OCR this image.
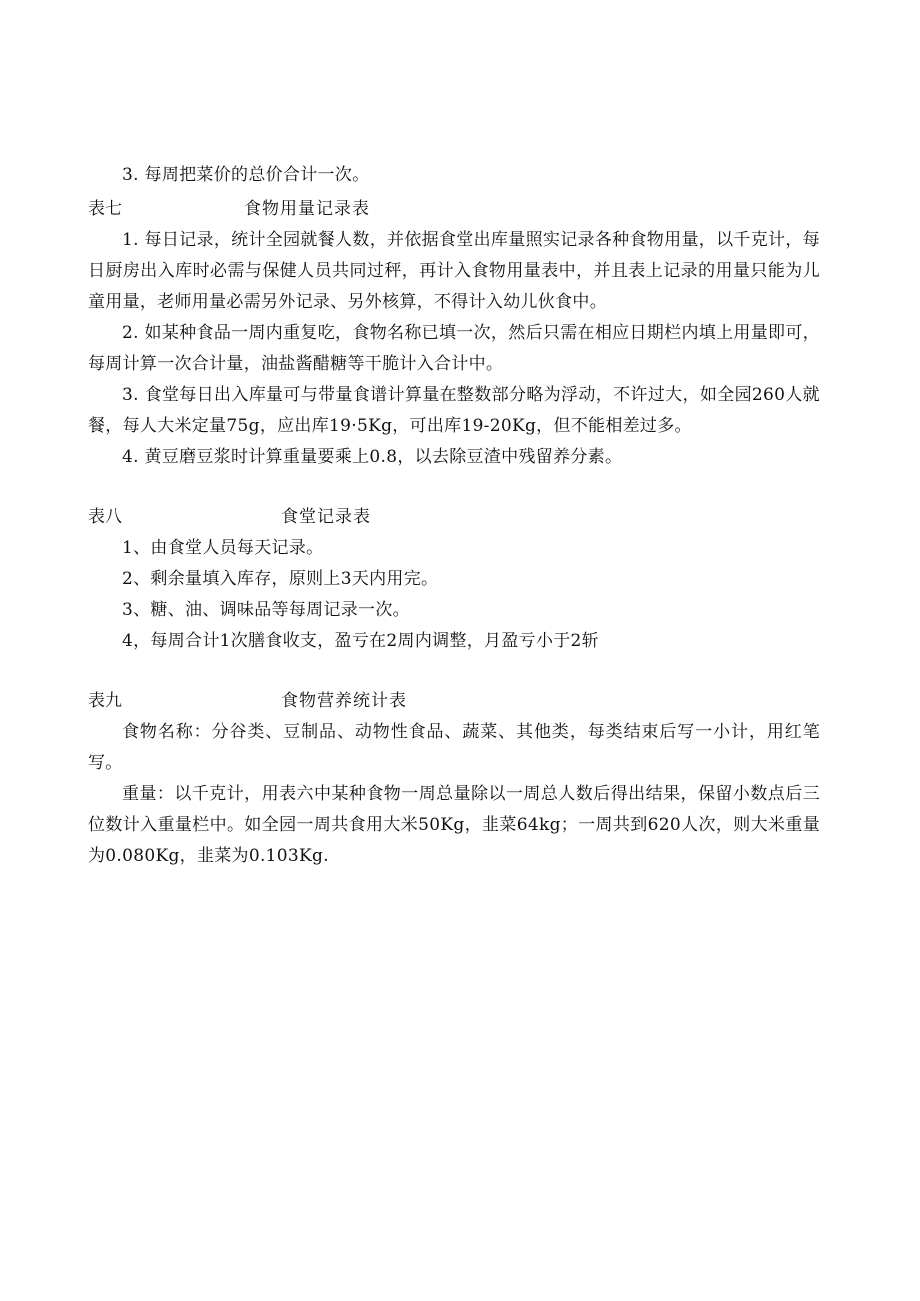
3. 每周把菜价的总价合计一次。

表七	食物用量记录表

1. 每日记录，统计全园就餐人数，并依据食堂出库量照实记录各种食物用量，以千克计，每日厨房出入库时必需与保健人员共同过秤，再计入食物用量表中，并且表上记录的用量只能为儿童用量，老师用量必需另外记录、另外核算，不得计入幼儿伙食中。

2. 如某种食品一周内重复吃，食物名称已填一次，然后只需在相应日期栏内填上用量即可，每周计算一次合计量，油盐酱醋糖等干脆计入合计中。

3. 食堂每日出入库量可与带量食谱计算量在整数部分略为浮动，不许过大，如全园260人就餐，每人大米定量75g，应出库19·5Kg，可出库19-20Kg，但不能相差过多。

4. 黄豆磨豆浆时计算重量要乘上0.8，以去除豆渣中残留养分素。

表八	食堂记录表

1、由食堂人员每天记录。

2、剩余量填入库存，原则上3天内用完。

3、糖、油、调味品等每周记录一次。

4，每周合计1次膳食收支，盈亏在2周内调整，月盈亏小于2斩

表九	食物营养统计表

食物名称：分谷类、豆制品、动物性食品、蔬菜、其他类，每类结束后写一小计，用红笔写。

重量：以千克计，用表六中某种食物一周总量除以一周总人数后得出结果，保留小数点后三位数计入重量栏中。如全园一周共食用大米50Kg，韭菜64kg；一周共到620人次，则大米重量为0.080Kg，韭菜为0.103Kg.
